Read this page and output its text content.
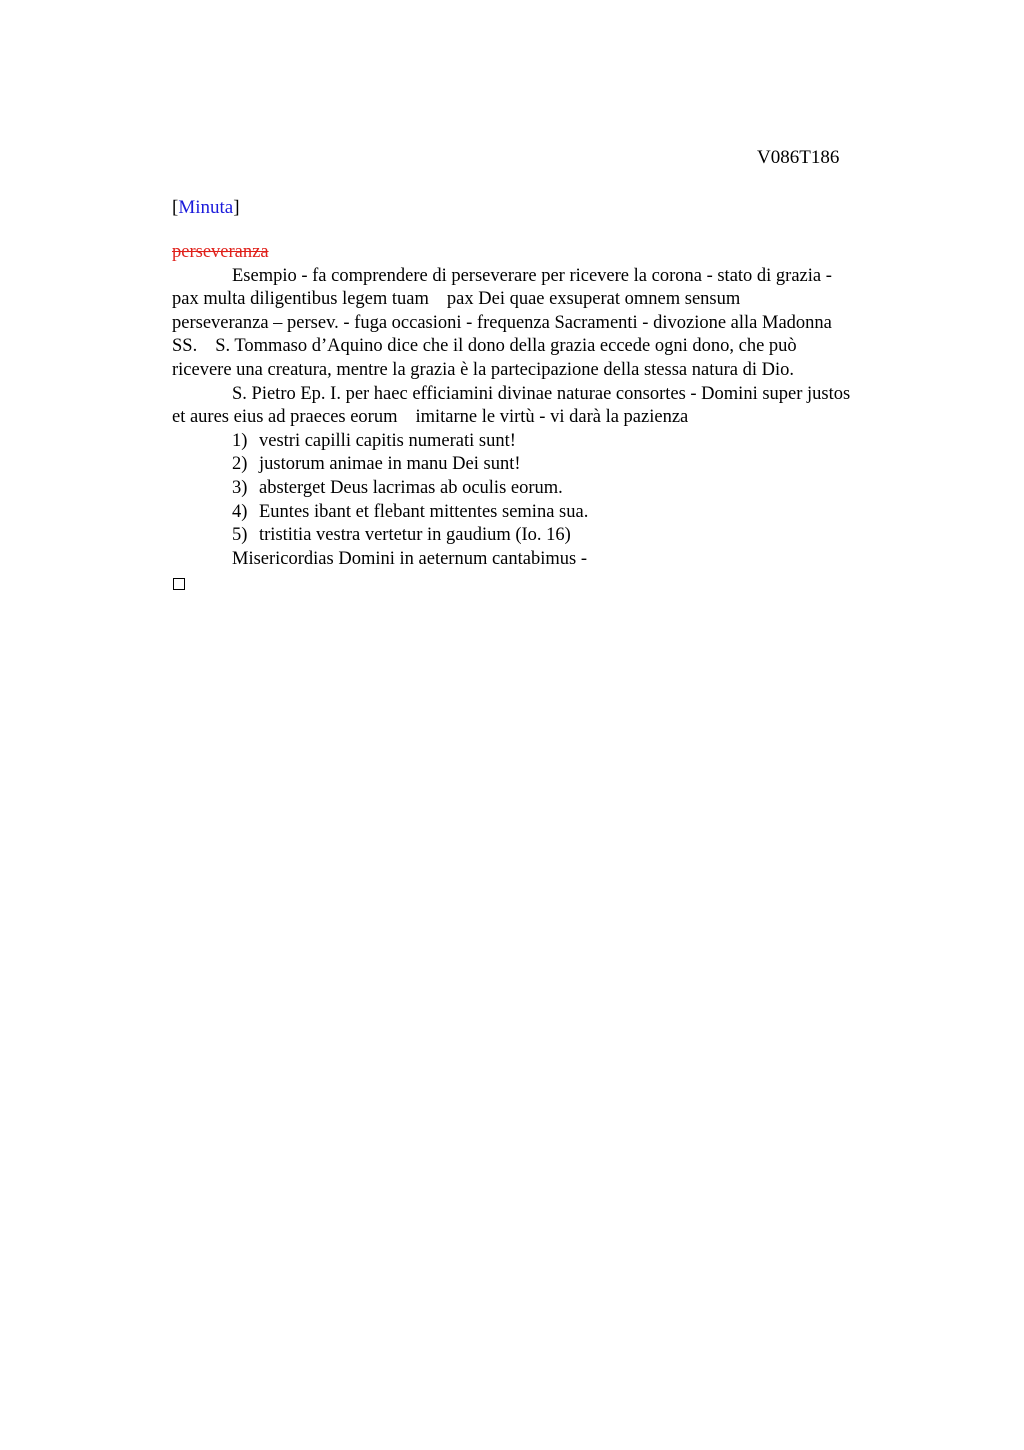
V086T186
[Minuta]
perseveranza
Esempio - fa comprendere di perseverare per ricevere la corona - stato di grazia -
pax multa diligentibus legem tuam pax Dei quae exsuperat omnem sensum
perseveranza – persev. - fuga occasioni - frequenza Sacramenti - divozione alla Madonna
SS. S. Tommaso d’Aquino dice che il dono della grazia eccede ogni dono, che può
ricevere una creatura, mentre la grazia è la partecipazione della stessa natura di Dio.
S. Pietro Ep. I. per haec efficiamini divinae naturae consortes - Domini super justos
et aures eius ad praeces eorum imitarne le virtù - vi darà la pazienza
1) vestri capilli capitis numerati sunt!
2) justorum animae in manu Dei sunt!
3) absterget Deus lacrimas ab oculis eorum.
4) Euntes ibant et flebant mittentes semina sua.
5) tristitia vestra vertetur in gaudium (Io. 16)
Misericordias Domini in aeternum cantabimus -
